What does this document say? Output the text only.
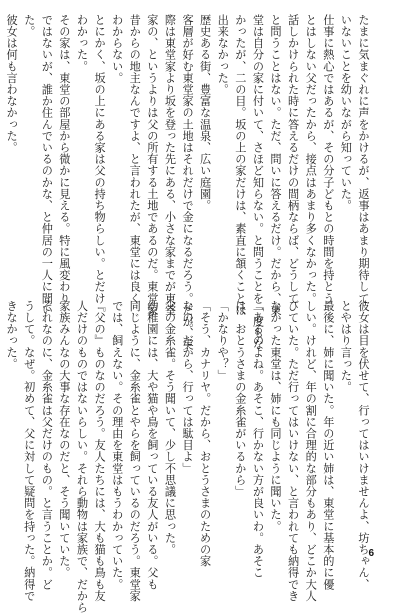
たまに気まぐれに声をかけるが、返事はあまり期待して

いないことを幼いながら知っていた。

仕事に熱心ではあるが、その分子どもとの時間を持とう

とはしない父だったから、接点はあまり多くなかった。

話しかけられた時に答えるだけの間柄ならば、どうして

と問うことはない。ただ、問いに答えるだけ。だから、東

堂は自分の家に付いて、さほど知らない。と問うことを一度もな

かったが、二の目。坂の上の家だけは、素直に頷くことは

出来なかった。

歴史ある街、豊富な温泉、広い庭園。

客層が好む東堂家の土地はそれだけで金になるだろう。だが、実

際は東堂家より坂を登った先にある、小さな家までが東堂

家の、というよりは父の所有する土地であるのだ。東堂家

昔からの地主なんですよ、と言われたが、東堂には良く

わからない。

とにかく、坂の上にある家は父の持ち物らしい。とだけ

わかった。

その家は、東堂の部屋から微かに見える。特に風変わり

ではないが、誰か住んでいるのかな、と仲居の一人に聞い

た。

彼女は何も言わなかった。

彼女は目を伏せて、行ってはいけませんよ、坊ちゃん、

とやはり言った。

最後に、姉に聞いた。年の近い姉は、東堂に基本的に優

しい。けれど、年の割に合理的な部分もあり、どこか大人

びていた。ただ行ってはいけない、と言われても納得でき

なかった東堂は、姉にも同じように聞いた。

「あるのよね。あそこ、行かない方が良いわ。あそこ

は、おとうさまの金糸雀がいるから」

「かなりや？」

「そう、カナリヤ。だから、おとうさまのための家

なの。だから、行っては駄目よ」

父の金糸雀。そう聞いて、少し不思議に思った。

幼稚園には、大や猫や鳥を飼っている友人がいる。父も

同じように、金糸雀とやらを飼っているのだろう。東堂家

では、飼えない。その理由を東堂はもうわかっていた。

『父の』ものなのだろう。友人たちには、大も猫も鳥も友

人だけのものではないらしい。それら動物は家族で、だから

家族みんなの大事な存在なのだと、そう聞いていた。

それなのに、金糸雀は父だけのもの。と言うことか。ど

うして。なぜ。初めて、父に対して疑問を持った。納得で

きなかった。

6
